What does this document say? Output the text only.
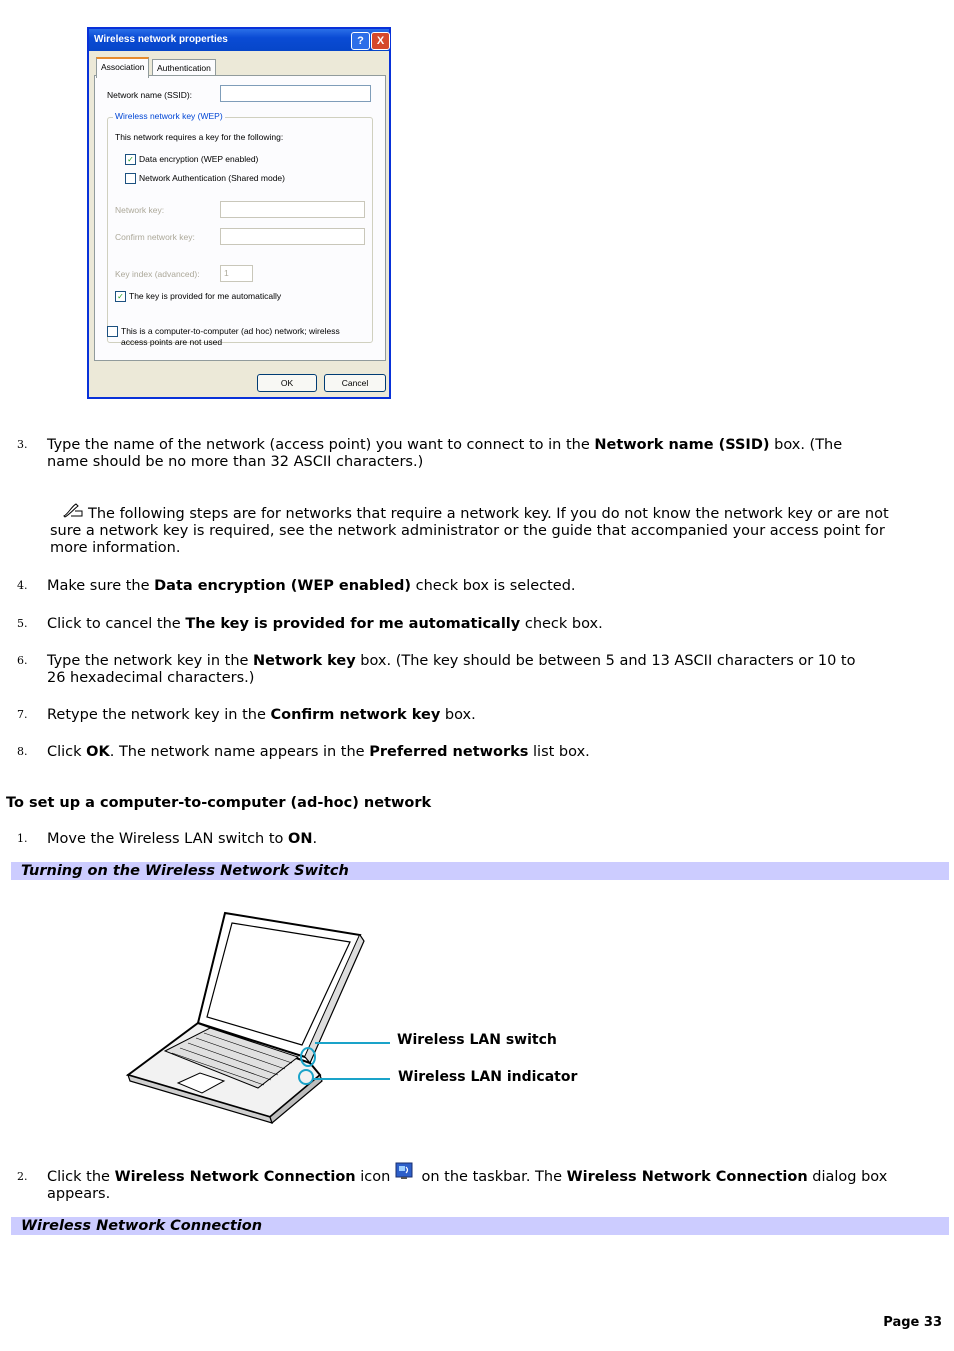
Wireless network properties	?	X
Association	Authentication
Network name (SSID):
Wireless network key (WEP)
This network requires a key for the following:
✓ Data encryption (WEP enabled)
Network Authentication (Shared mode)
Network key:
Confirm network key:
Key index (advanced):	1
✓ The key is provided for me automatically
This is a computer-to-computer (ad hoc) network; wireless
access points are not used
OK	Cancel
3. Type the name of the network (access point) you want to connect to in the Network name (SSID) box. (The
name should be no more than 32 ASCII characters.)
The following steps are for networks that require a network key. If you do not know the network key or are not
sure a network key is required, see the network administrator or the guide that accompanied your access point for
more information.
4. Make sure the Data encryption (WEP enabled) check box is selected.
5. Click to cancel the The key is provided for me automatically check box.
6. Type the network key in the Network key box. (The key should be between 5 and 13 ASCII characters or 10 to
26 hexadecimal characters.)
7. Retype the network key in the Confirm network key box.
8. Click OK. The network name appears in the Preferred networks list box.
To set up a computer-to-computer (ad-hoc) network
1. Move the Wireless LAN switch to ON.
Turning on the Wireless Network Switch
Wireless LAN switch
Wireless LAN indicator
2. Click the Wireless Network Connection icon  on the taskbar. The Wireless Network Connection dialog box
appears.
Wireless Network Connection
Page 33
